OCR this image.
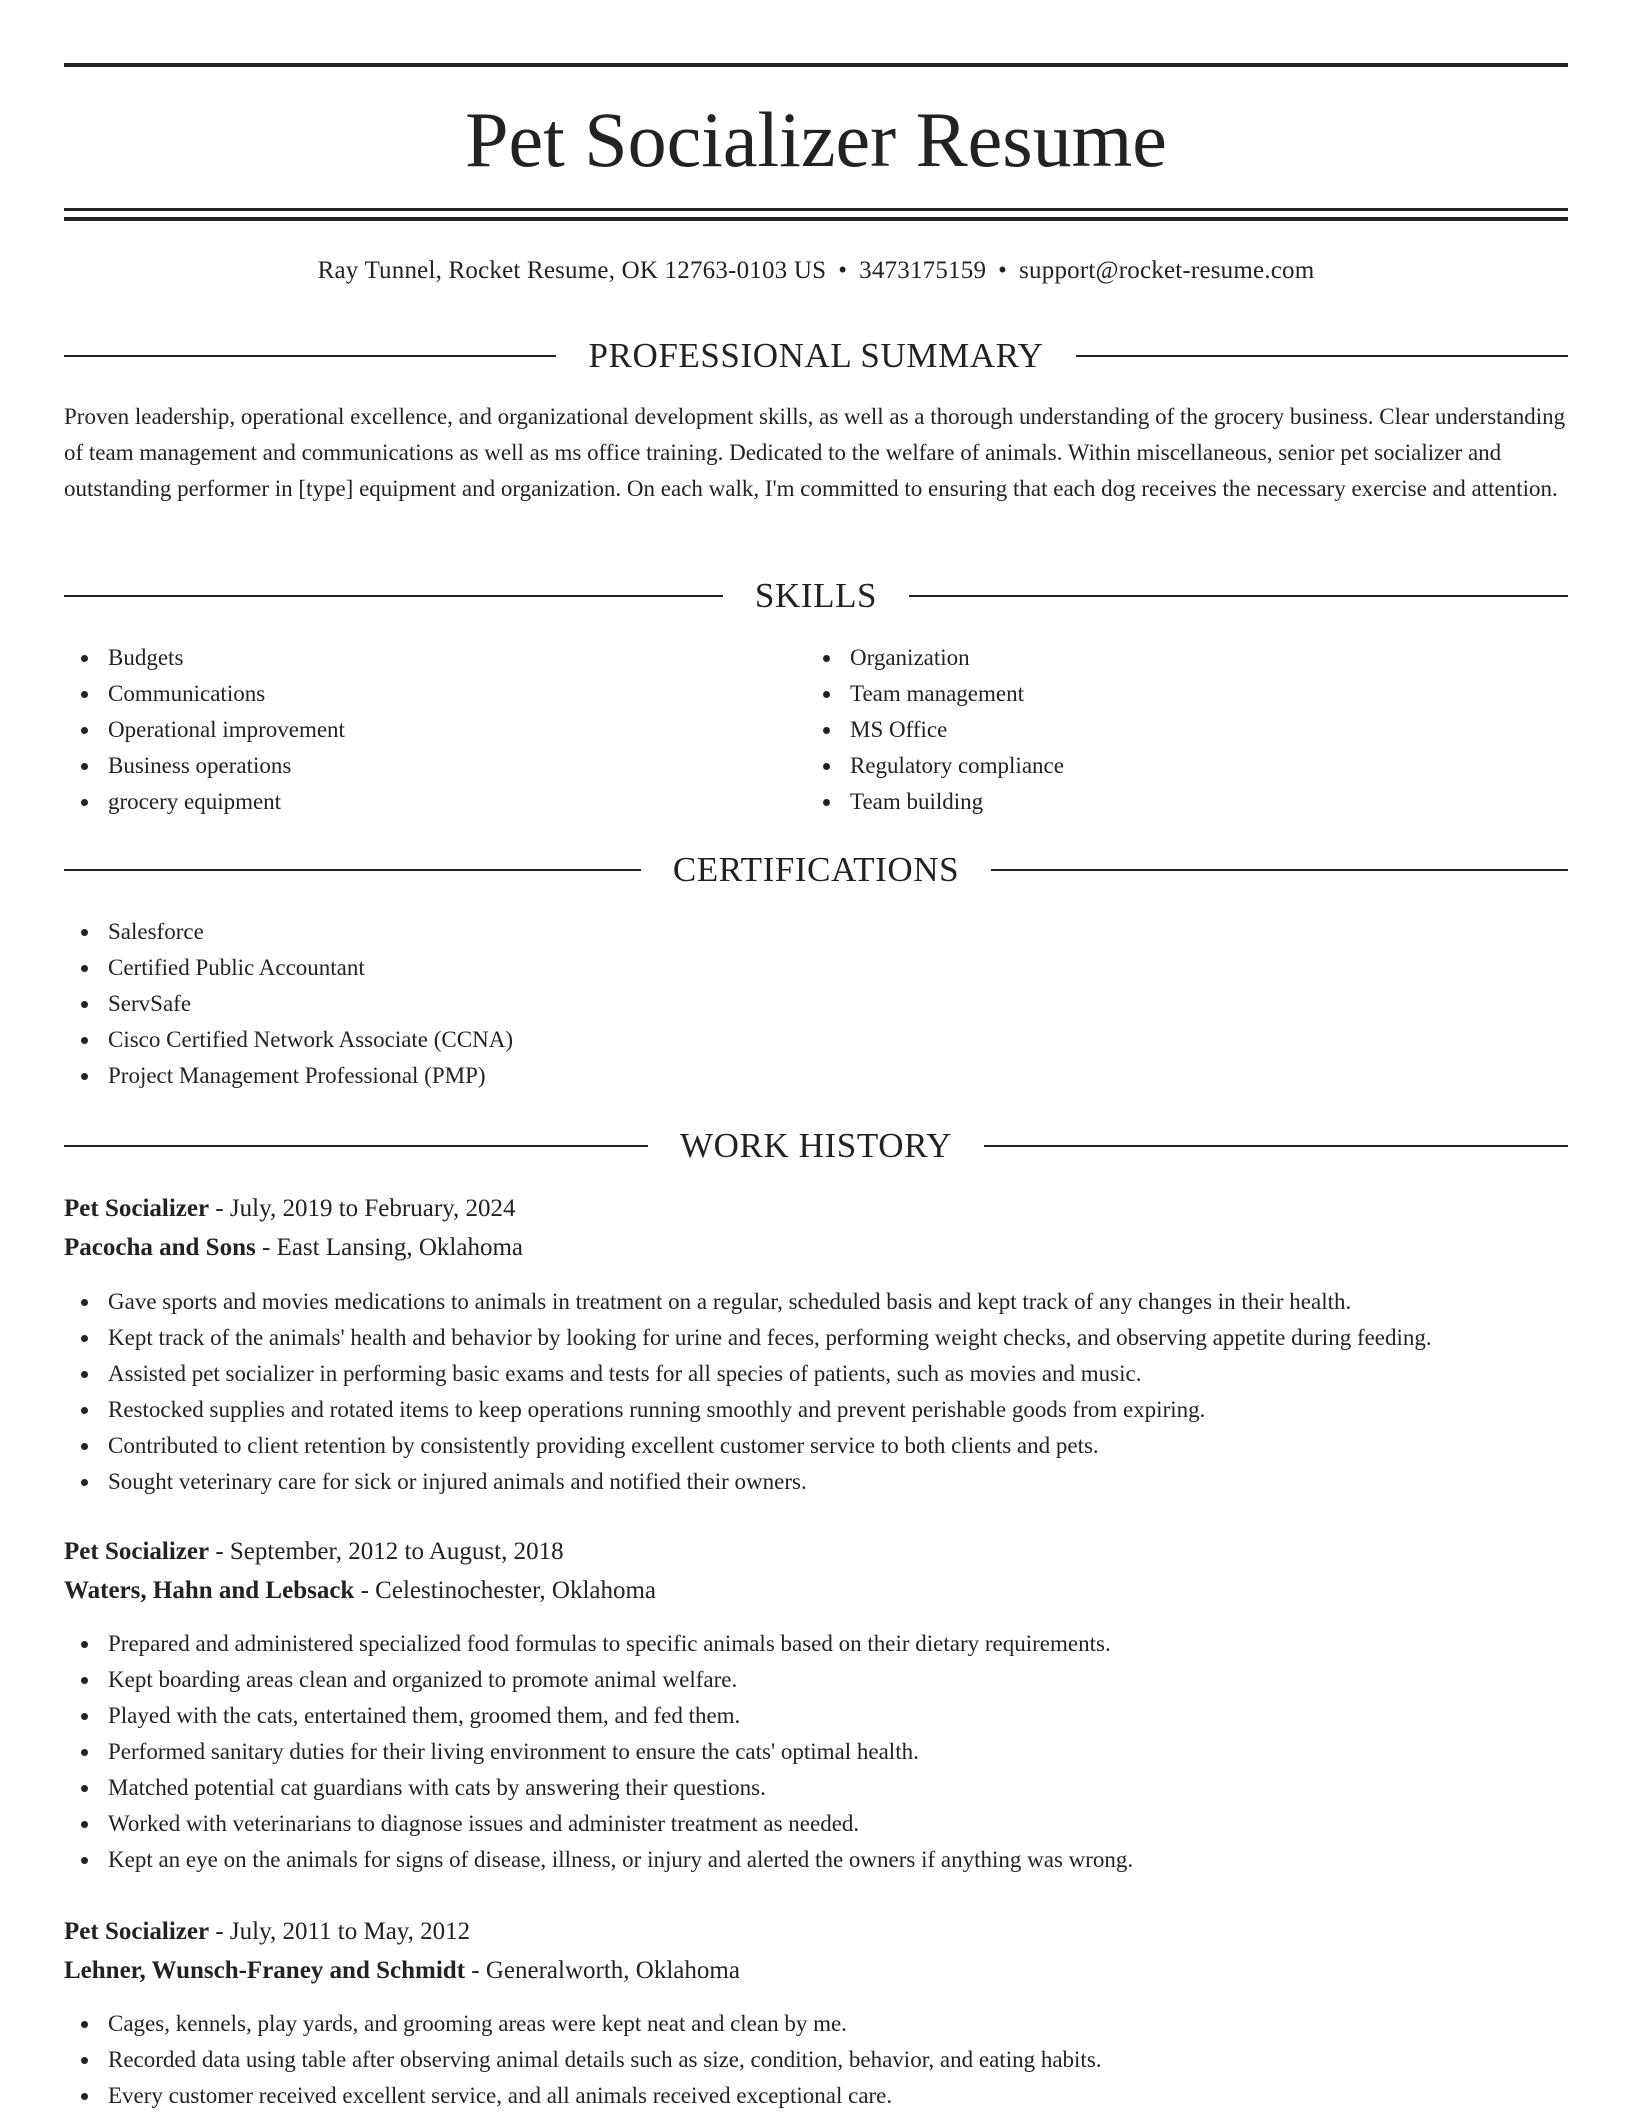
Pet Socializer Resume
Ray Tunnel, Rocket Resume, OK 12763-0103 US • 3473175159 • support@rocket-resume.com
PROFESSIONAL SUMMARY

Proven leadership, operational excellence, and organizational development skills, as well as a thorough understanding of the grocery business. Clear understanding of team management and communications as well as ms office training. Dedicated to the welfare of animals. Within miscellaneous, senior pet socializer and outstanding performer in [type] equipment and organization. On each walk, I'm committed to ensuring that each dog receives the necessary exercise and attention.

SKILLS
Budgets
Communications
Operational improvement
Business operations
grocery equipment
Organization
Team management
MS Office
Regulatory compliance
Team building
CERTIFICATIONS
Salesforce
Certified Public Accountant
ServSafe
Cisco Certified Network Associate (CCNA)
Project Management Professional (PMP)
WORK HISTORY
Pet Socializer - July, 2019 to February, 2024
Pacocha and Sons - East Lansing, Oklahoma
Gave sports and movies medications to animals in treatment on a regular, scheduled basis and kept track of any changes in their health.
Kept track of the animals' health and behavior by looking for urine and feces, performing weight checks, and observing appetite during feeding.
Assisted pet socializer in performing basic exams and tests for all species of patients, such as movies and music.
Restocked supplies and rotated items to keep operations running smoothly and prevent perishable goods from expiring.
Contributed to client retention by consistently providing excellent customer service to both clients and pets.
Sought veterinary care for sick or injured animals and notified their owners.
Pet Socializer - September, 2012 to August, 2018
Waters, Hahn and Lebsack - Celestinochester, Oklahoma
Prepared and administered specialized food formulas to specific animals based on their dietary requirements.
Kept boarding areas clean and organized to promote animal welfare.
Played with the cats, entertained them, groomed them, and fed them.
Performed sanitary duties for their living environment to ensure the cats' optimal health.
Matched potential cat guardians with cats by answering their questions.
Worked with veterinarians to diagnose issues and administer treatment as needed.
Kept an eye on the animals for signs of disease, illness, or injury and alerted the owners if anything was wrong.
Pet Socializer - July, 2011 to May, 2012
Lehner, Wunsch-Franey and Schmidt - Generalworth, Oklahoma
Cages, kennels, play yards, and grooming areas were kept neat and clean by me.
Recorded data using table after observing animal details such as size, condition, behavior, and eating habits.
Every customer received excellent service, and all animals received exceptional care.
